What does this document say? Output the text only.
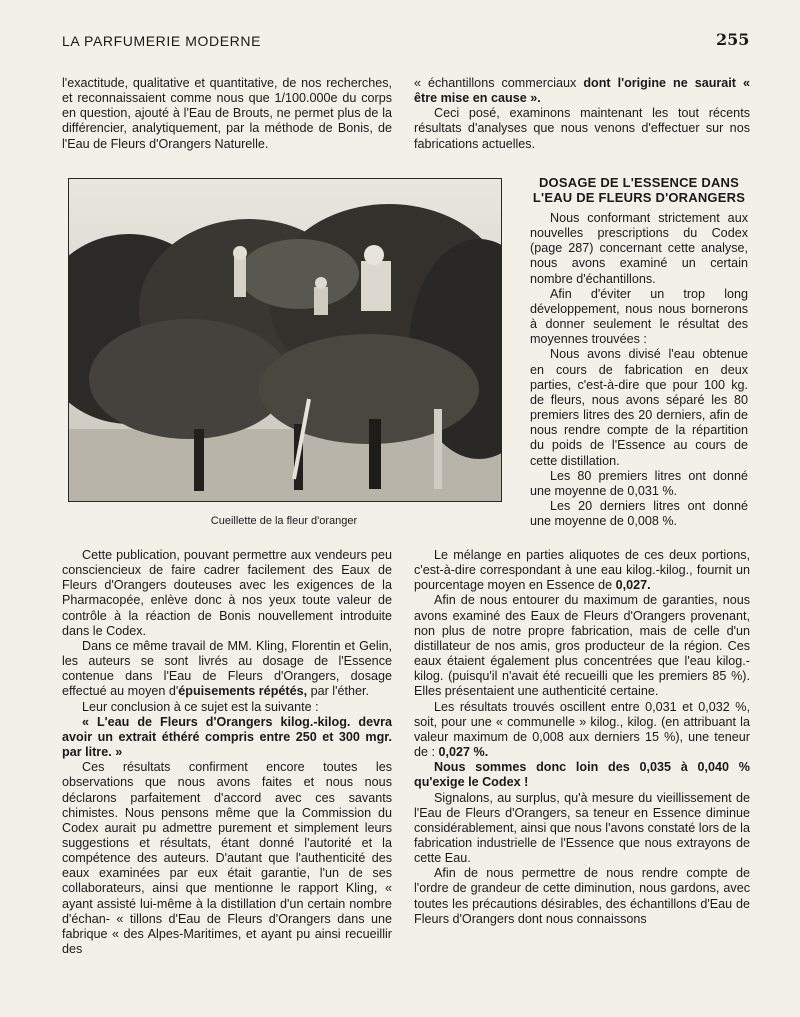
LA PARFUMERIE MODERNE	255

l'exactitude, qualitative et quantitative, de nos recherches, et reconnaissaient comme nous que 1/100.000e du corps en question, ajouté à l'Eau de Brouts, ne permet plus de la différencier, analytiquement, par la méthode de Bonis, de l'Eau de Fleurs d'Orangers Naturelle.

« échantillons commerciaux dont l'origine ne saurait « être mise en cause ».

Ceci posé, examinons maintenant les tout récents résultats d'analyses que nous venons d'effectuer sur nos fabrications actuelles.

Cueillette de la fleur d'oranger
DOSAGE DE L'ESSENCE DANS L'EAU DE FLEURS D'ORANGERS

Nous conformant strictement aux nouvelles prescriptions du Codex (page 287) concernant cette analyse, nous avons examiné un certain nombre d'échantillons.

Afin d'éviter un trop long développement, nous nous bornerons à donner seulement le résultat des moyennes trouvées :

Nous avons divisé l'eau obtenue en cours de fabrication en deux parties, c'est-à-dire que pour 100 kg. de fleurs, nous avons séparé les 80 premiers litres des 20 derniers, afin de nous rendre compte de la répartition du poids de l'Essence au cours de cette distillation.

Les 80 premiers litres ont donné une moyenne de 0,031 %.

Les 20 derniers litres ont donné une moyenne de 0,008 %.

Cette publication, pouvant permettre aux vendeurs peu consciencieux de faire cadrer facilement des Eaux de Fleurs d'Orangers douteuses avec les exigences de la Pharmacopée, enlève donc à nos yeux toute valeur de contrôle à la réaction de Bonis nouvellement introduite dans le Codex.

Dans ce même travail de MM. Kling, Florentin et Gelin, les auteurs se sont livrés au dosage de l'Essence contenue dans l'Eau de Fleurs d'Orangers, dosage effectué au moyen d'épuisements répétés, par l'éther.

Leur conclusion à ce sujet est la suivante :

« L'eau de Fleurs d'Orangers kilog.-kilog. devra avoir un extrait éthéré compris entre 250 et 300 mgr. par litre. »

Ces résultats confirment encore toutes les observations que nous avons faites et nous nous déclarons parfaitement d'accord avec ces savants chimistes. Nous pensons même que la Commission du Codex aurait pu admettre purement et simplement leurs suggestions et résultats, étant donné l'autorité et la compétence des auteurs. D'autant que l'authenticité des eaux examinées par eux était garantie, l'un de ses collaborateurs, ainsi que mentionne le rapport Kling, « ayant assisté lui-même à la distillation d'un certain nombre d'échan- « tillons d'Eau de Fleurs d'Orangers dans une fabrique « des Alpes-Maritimes, et ayant pu ainsi recueillir des

Le mélange en parties aliquotes de ces deux portions, c'est-à-dire correspondant à une eau kilog.-kilog., fournit un pourcentage moyen en Essence de 0,027.

Afin de nous entourer du maximum de garanties, nous avons examiné des Eaux de Fleurs d'Orangers provenant, non plus de notre propre fabrication, mais de celle d'un distillateur de nos amis, gros producteur de la région. Ces eaux étaient également plus concentrées que l'eau kilog.-kilog. (puisqu'il n'avait été recueilli que les premiers 85 %). Elles présentaient une authenticité certaine.

Les résultats trouvés oscillent entre 0,031 et 0,032 %, soit, pour une « communelle » kilog., kilog. (en attribuant la valeur maximum de 0,008 aux derniers 15 %), une teneur de : 0,027 %.

Nous sommes donc loin des 0,035 à 0,040 % qu'exige le Codex !

Signalons, au surplus, qu'à mesure du vieillissement de l'Eau de Fleurs d'Orangers, sa teneur en Essence diminue considérablement, ainsi que nous l'avons constaté lors de la fabrication industrielle de l'Essence que nous extrayons de cette Eau.

Afin de nous permettre de nous rendre compte de l'ordre de grandeur de cette diminution, nous gardons, avec toutes les précautions désirables, des échantillons d'Eau de Fleurs d'Orangers dont nous connaissons
